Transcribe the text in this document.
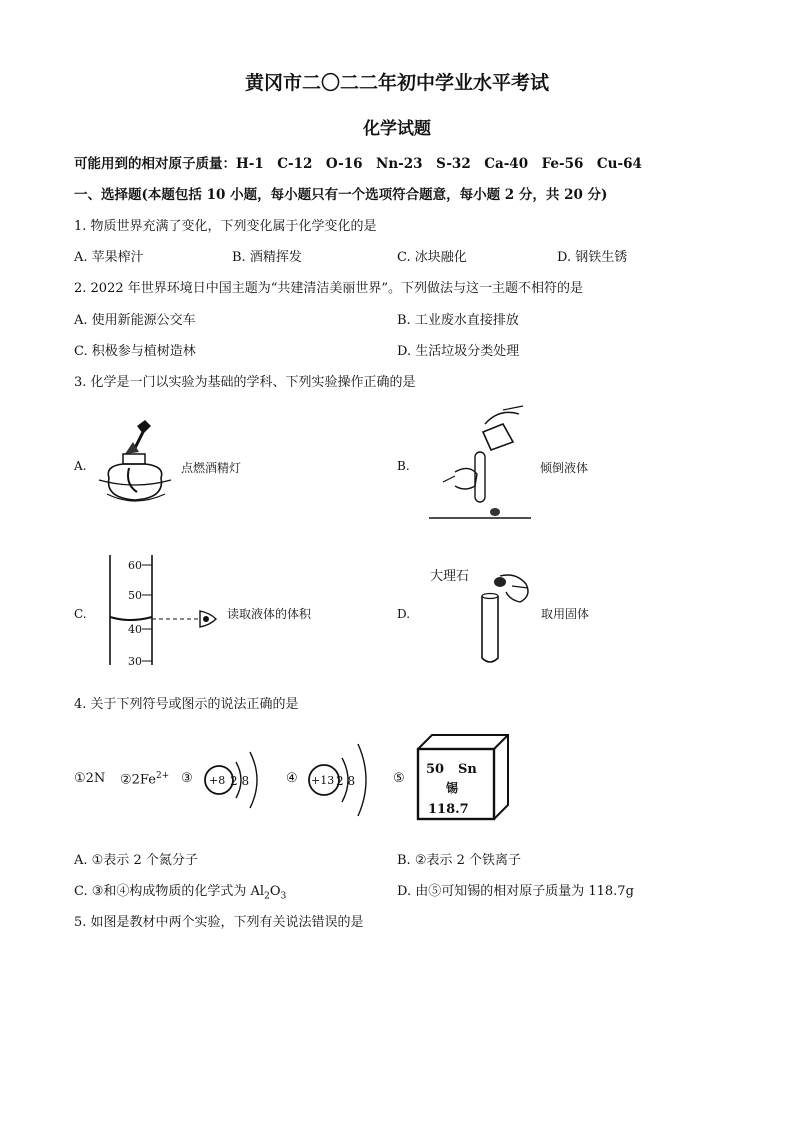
黄冈市二〇二二年初中学业水平考试
化学试题
可能用到的相对原子质量：H-1　C-12　O-16　Nn-23　S-32　Ca-40　Fe-56　Cu-64
一、选择题(本题包括 10 小题，每小题只有一个选项符合题意，每小题 2 分，共 20 分)
1. 物质世界充满了变化，下列变化属于化学变化的是
A. 苹果榨汁	B. 酒精挥发	C. 冰块融化	D. 钢铁生锈
2. 2022 年世界环境日中国主题为“共建清洁美丽世界”。下列做法与这一主题不相符的是
A. 使用新能源公交车	B. 工业废水直接排放
C. 积极参与植树造林	D. 生活垃圾分类处理
3. 化学是一门以实验为基础的学科、下列实验操作正确的是
A.	点燃酒精灯	B.	倾倒液体
C.
60
50
40
30
读取液体的体积	D.
大理石
取用固体
4. 关于下列符号或图示的说法正确的是
①2N $②2Fe^{2+}$ ③ +8 2 8	④ +13 2 8	⑤
50 Sn
锡
118.7
A. ①表示 2 个氮分子	B. ②表示 2 个铁离子
C. ③和④构成物质的化学式为 $Al_2O_3$	D. 由⑤可知锡的相对原子质量为 118.7g
5. 如图是教材中两个实验，下列有关说法错误的是
